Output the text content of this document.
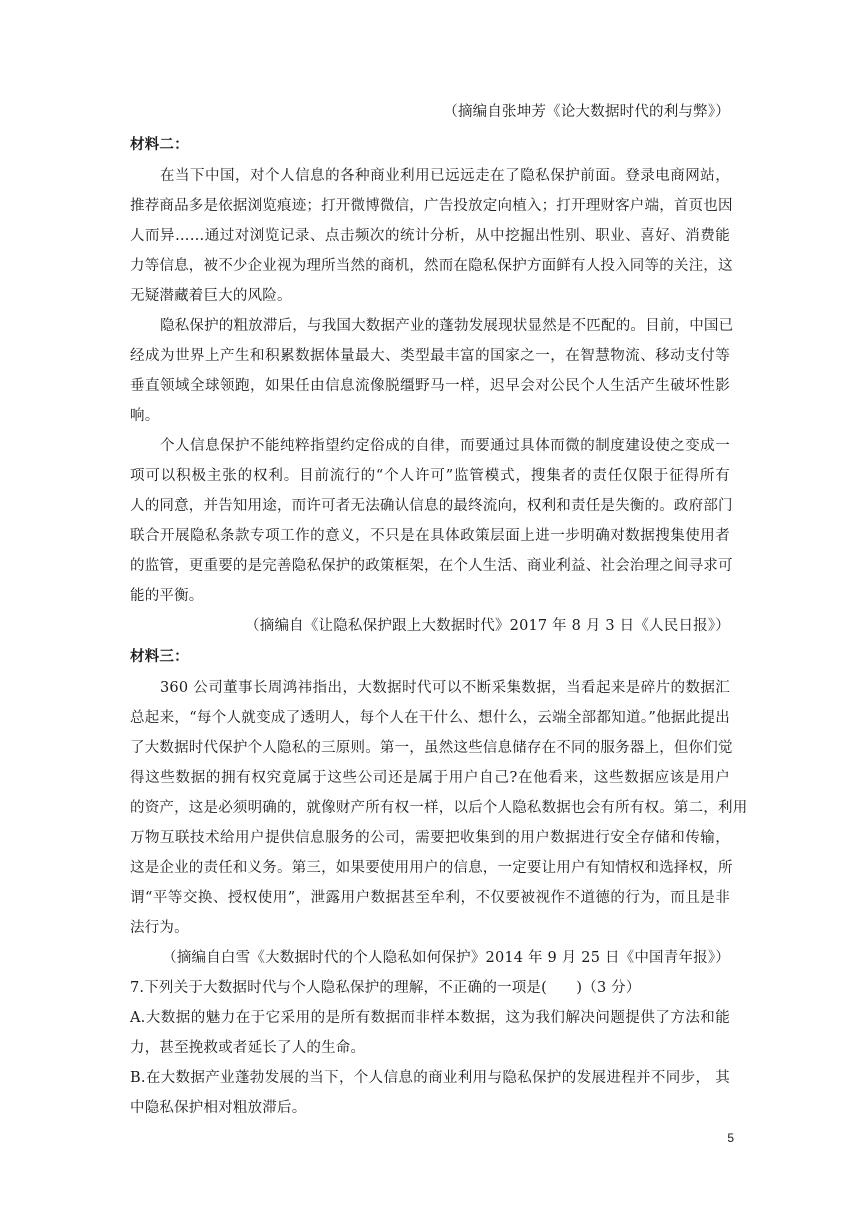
（摘编自张坤芳《论大数据时代的利与弊》）
材料二：
在当下中国，对个人信息的各种商业利用已远远走在了隐私保护前面。登录电商网站，
推荐商品多是依据浏览痕迹；打开微博微信，广告投放定向植入；打开理财客户端，首页也因
人而异……通过对浏览记录、点击频次的统计分析，从中挖掘出性别、职业、喜好、消费能
力等信息，被不少企业视为理所当然的商机，然而在隐私保护方面鲜有人投入同等的关注，这
无疑潜藏着巨大的风险。
隐私保护的粗放滞后，与我国大数据产业的蓬勃发展现状显然是不匹配的。目前，中国已
经成为世界上产生和积累数据体量最大、类型最丰富的国家之一，在智慧物流、移动支付等
垂直领域全球领跑，如果任由信息流像脱缰野马一样，迟早会对公民个人生活产生破坏性影
响。
个人信息保护不能纯粹指望约定俗成的自律，而要通过具体而微的制度建设使之变成一
项可以积极主张的权利。目前流行的“个人许可”监管模式，搜集者的责任仅限于征得所有
人的同意，并告知用途，而许可者无法确认信息的最终流向，权利和责任是失衡的。政府部门
联合开展隐私条款专项工作的意义，不只是在具体政策层面上进一步明确对数据搜集使用者
的监管，更重要的是完善隐私保护的政策框架，在个人生活、商业利益、社会治理之间寻求可
能的平衡。
（摘编自《让隐私保护跟上大数据时代》2017 年 8 月 3 日《人民日报》）
材料三：
360 公司董事长周鸿祎指出，大数据时代可以不断采集数据，当看起来是碎片的数据汇
总起来，“每个人就变成了透明人，每个人在干什么、想什么，云端全部都知道。”他据此提出
了大数据时代保护个人隐私的三原则。第一，虽然这些信息储存在不同的服务器上，但你们觉
得这些数据的拥有权究竟属于这些公司还是属于用户自己?在他看来，这些数据应该是用户
的资产，这是必须明确的，就像财产所有权一样，以后个人隐私数据也会有所有权。第二，利用
万物互联技术给用户提供信息服务的公司，需要把收集到的用户数据进行安全存储和传输，
这是企业的责任和义务。第三，如果要使用用户的信息，一定要让用户有知情权和选择权，所
谓“平等交换、授权使用”，泄露用户数据甚至牟利，不仅要被视作不道德的行为，而且是非
法行为。
（摘编自白雪《大数据时代的个人隐私如何保护》2014 年 9 月 25 日《中国青年报》）
7.下列关于大数据时代与个人隐私保护的理解，不正确的一项是(　　)（3 分）
A.大数据的魅力在于它采用的是所有数据而非样本数据，这为我们解决问题提供了方法和能
力，甚至挽救或者延长了人的生命。
B.在大数据产业蓬勃发展的当下，个人信息的商业利用与隐私保护的发展进程并不同步， 其
中隐私保护相对粗放滞后。
5
